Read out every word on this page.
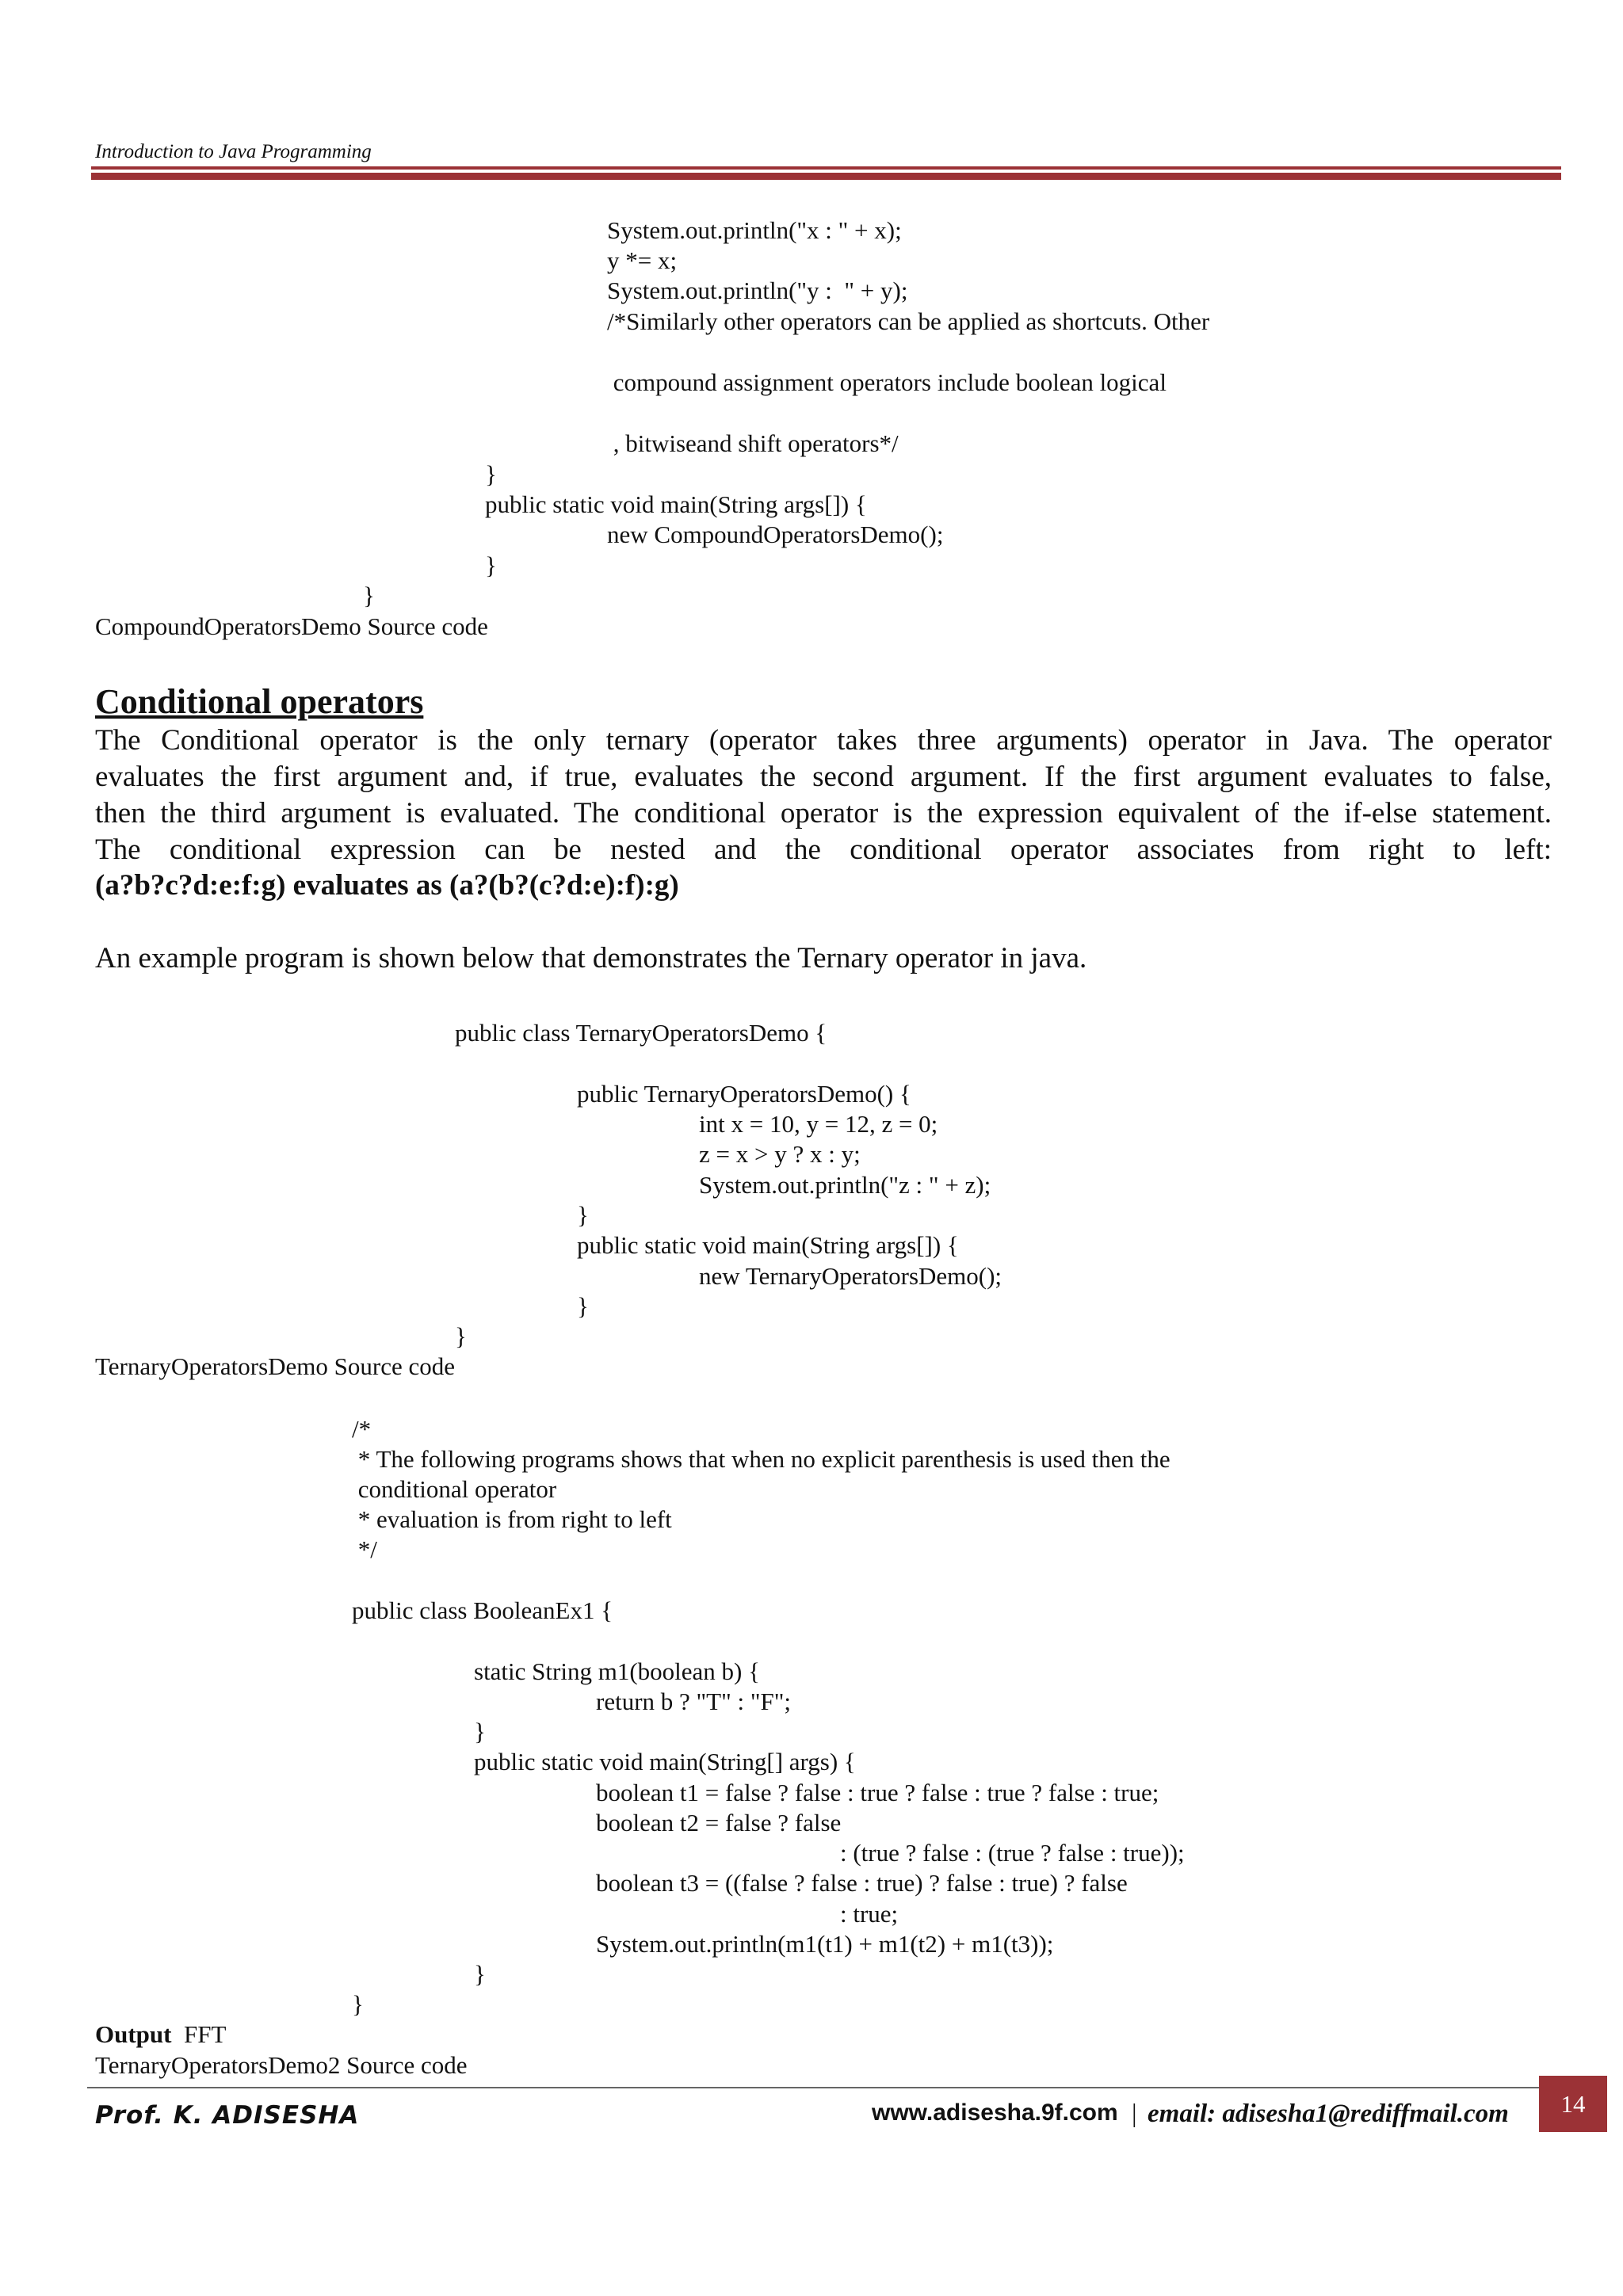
Introduction to Java Programming
System.out.println("x : " + x);
y *= x;
System.out.println("y :  " + y);
/*Similarly other operators can be applied as shortcuts. Other
compound assignment operators include boolean logical
, bitwiseand shift operators*/
}
public static void main(String args[]) {
new CompoundOperatorsDemo();
}
}
CompoundOperatorsDemo Source code
Conditional operators
The Conditional operator is the only ternary (operator takes three arguments) operator in Java. The operator
evaluates the first argument and, if true, evaluates the second argument. If the first argument evaluates to false,
then the third argument is evaluated. The conditional operator is the expression equivalent of the if-else statement.
The conditional expression can be nested and the conditional operator associates from right to left:
(a?b?c?d:e:f:g) evaluates as (a?(b?(c?d:e):f):g)
An example program is shown below that demonstrates the Ternary operator in java.
public class TernaryOperatorsDemo {
public TernaryOperatorsDemo() {
int x = 10, y = 12, z = 0;
z = x > y ? x : y;
System.out.println("z : " + z);
}
public static void main(String args[]) {
new TernaryOperatorsDemo();
}
}
TernaryOperatorsDemo Source code
/*
* The following programs shows that when no explicit parenthesis is used then the
conditional operator
* evaluation is from right to left
*/
public class BooleanEx1 {
static String m1(boolean b) {
return b ? "T" : "F";
}
public static void main(String[] args) {
boolean t1 = false ? false : true ? false : true ? false : true;
boolean t2 = false ? false
: (true ? false : (true ? false : true));
boolean t3 = ((false ? false : true) ? false : true) ? false
: true;
System.out.println(m1(t1) + m1(t2) + m1(t3));
}
}
Output FFT
TernaryOperatorsDemo2 Source code
Prof. K. ADISESHA	www.adisesha.9f.com | email: adisesha1@rediffmail.com	14
